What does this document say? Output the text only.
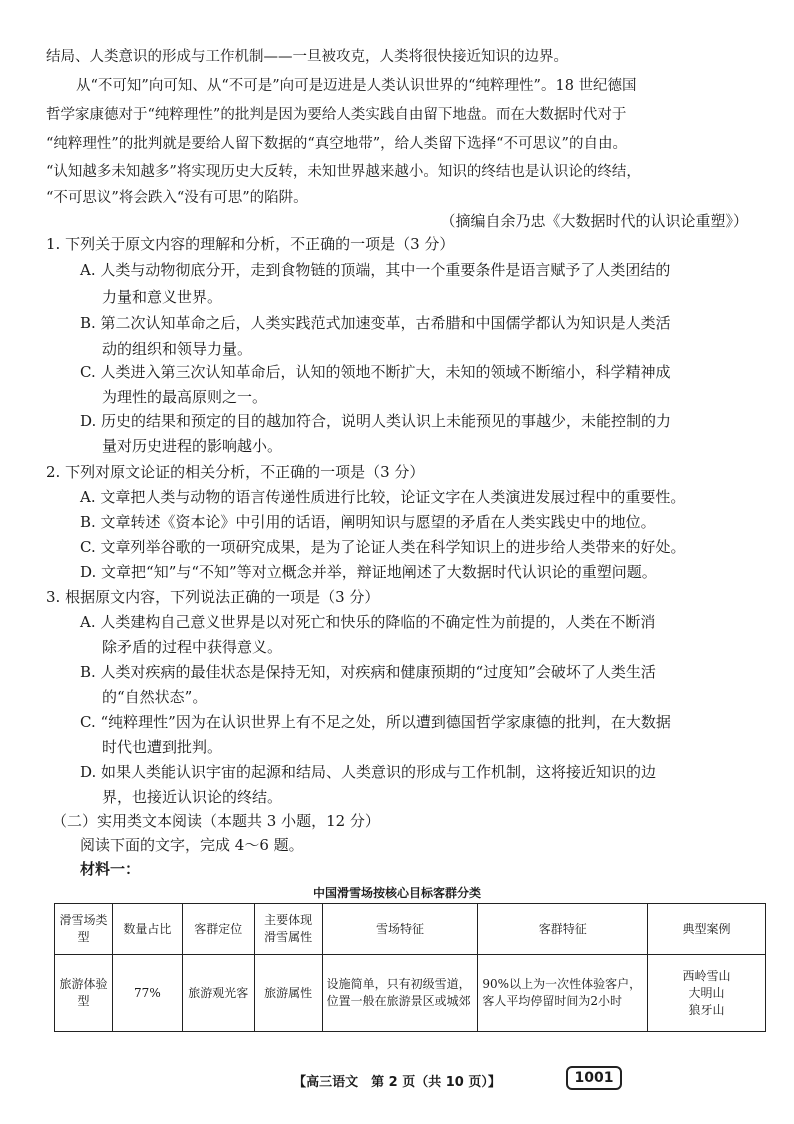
结局、人类意识的形成与工作机制——一旦被攻克，人类将很快接近知识的边界。
从“不可知”向可知、从“不可是”向可是迈进是人类认识世界的“纯粹理性”。18 世纪德国
哲学家康德对于“纯粹理性”的批判是因为要给人类实践自由留下地盘。而在大数据时代对于
“纯粹理性”的批判就是要给人留下数据的“真空地带”，给人类留下选择“不可思议”的自由。
“认知越多未知越多”将实现历史大反转，未知世界越来越小。知识的终结也是认识论的终结，
“不可思议”将会跌入“没有可思”的陷阱。
（摘编自余乃忠《大数据时代的认识论重塑》）
1. 下列关于原文内容的理解和分析，不正确的一项是（3 分）
A. 人类与动物彻底分开，走到食物链的顶端，其中一个重要条件是语言赋予了人类团结的
力量和意义世界。
B. 第二次认知革命之后，人类实践范式加速变革，古希腊和中国儒学都认为知识是人类活
动的组织和领导力量。
C. 人类进入第三次认知革命后，认知的领地不断扩大，未知的领域不断缩小，科学精神成
为理性的最高原则之一。
D. 历史的结果和预定的目的越加符合，说明人类认识上未能预见的事越少，未能控制的力
量对历史进程的影响越小。
2. 下列对原文论证的相关分析，不正确的一项是（3 分）
A. 文章把人类与动物的语言传递性质进行比较，论证文字在人类演进发展过程中的重要性。
B. 文章转述《资本论》中引用的话语，阐明知识与愿望的矛盾在人类实践史中的地位。
C. 文章列举谷歌的一项研究成果，是为了论证人类在科学知识上的进步给人类带来的好处。
D. 文章把“知”与“不知”等对立概念并举，辩证地阐述了大数据时代认识论的重塑问题。
3. 根据原文内容，下列说法正确的一项是（3 分）
A. 人类建构自己意义世界是以对死亡和快乐的降临的不确定性为前提的，人类在不断消
除矛盾的过程中获得意义。
B. 人类对疾病的最佳状态是保持无知，对疾病和健康预期的“过度知”会破坏了人类生活
的“自然状态”。
C. “纯粹理性”因为在认识世界上有不足之处，所以遭到德国哲学家康德的批判，在大数据
时代也遭到批判。
D. 如果人类能认识宇宙的起源和结局、人类意识的形成与工作机制，这将接近知识的边
界，也接近认识论的终结。
（二）实用类文本阅读（本题共 3 小题，12 分）
阅读下面的文字，完成 4～6 题。
材料一：
中国滑雪场按核心目标客群分类
滑雪场类型	数量占比	客群定位	主要体现滑雪属性	雪场特征	客群特征	典型案例
旅游体验型	77%	旅游观光客	旅游属性	设施简单，只有初级雪道，位置一般在旅游景区或城郊	90%以上为一次性体验客户，客人平均停留时间为2小时	西岭雪山
大明山
狼牙山
【高三语文　第 2 页（共 10 页）】	1001
